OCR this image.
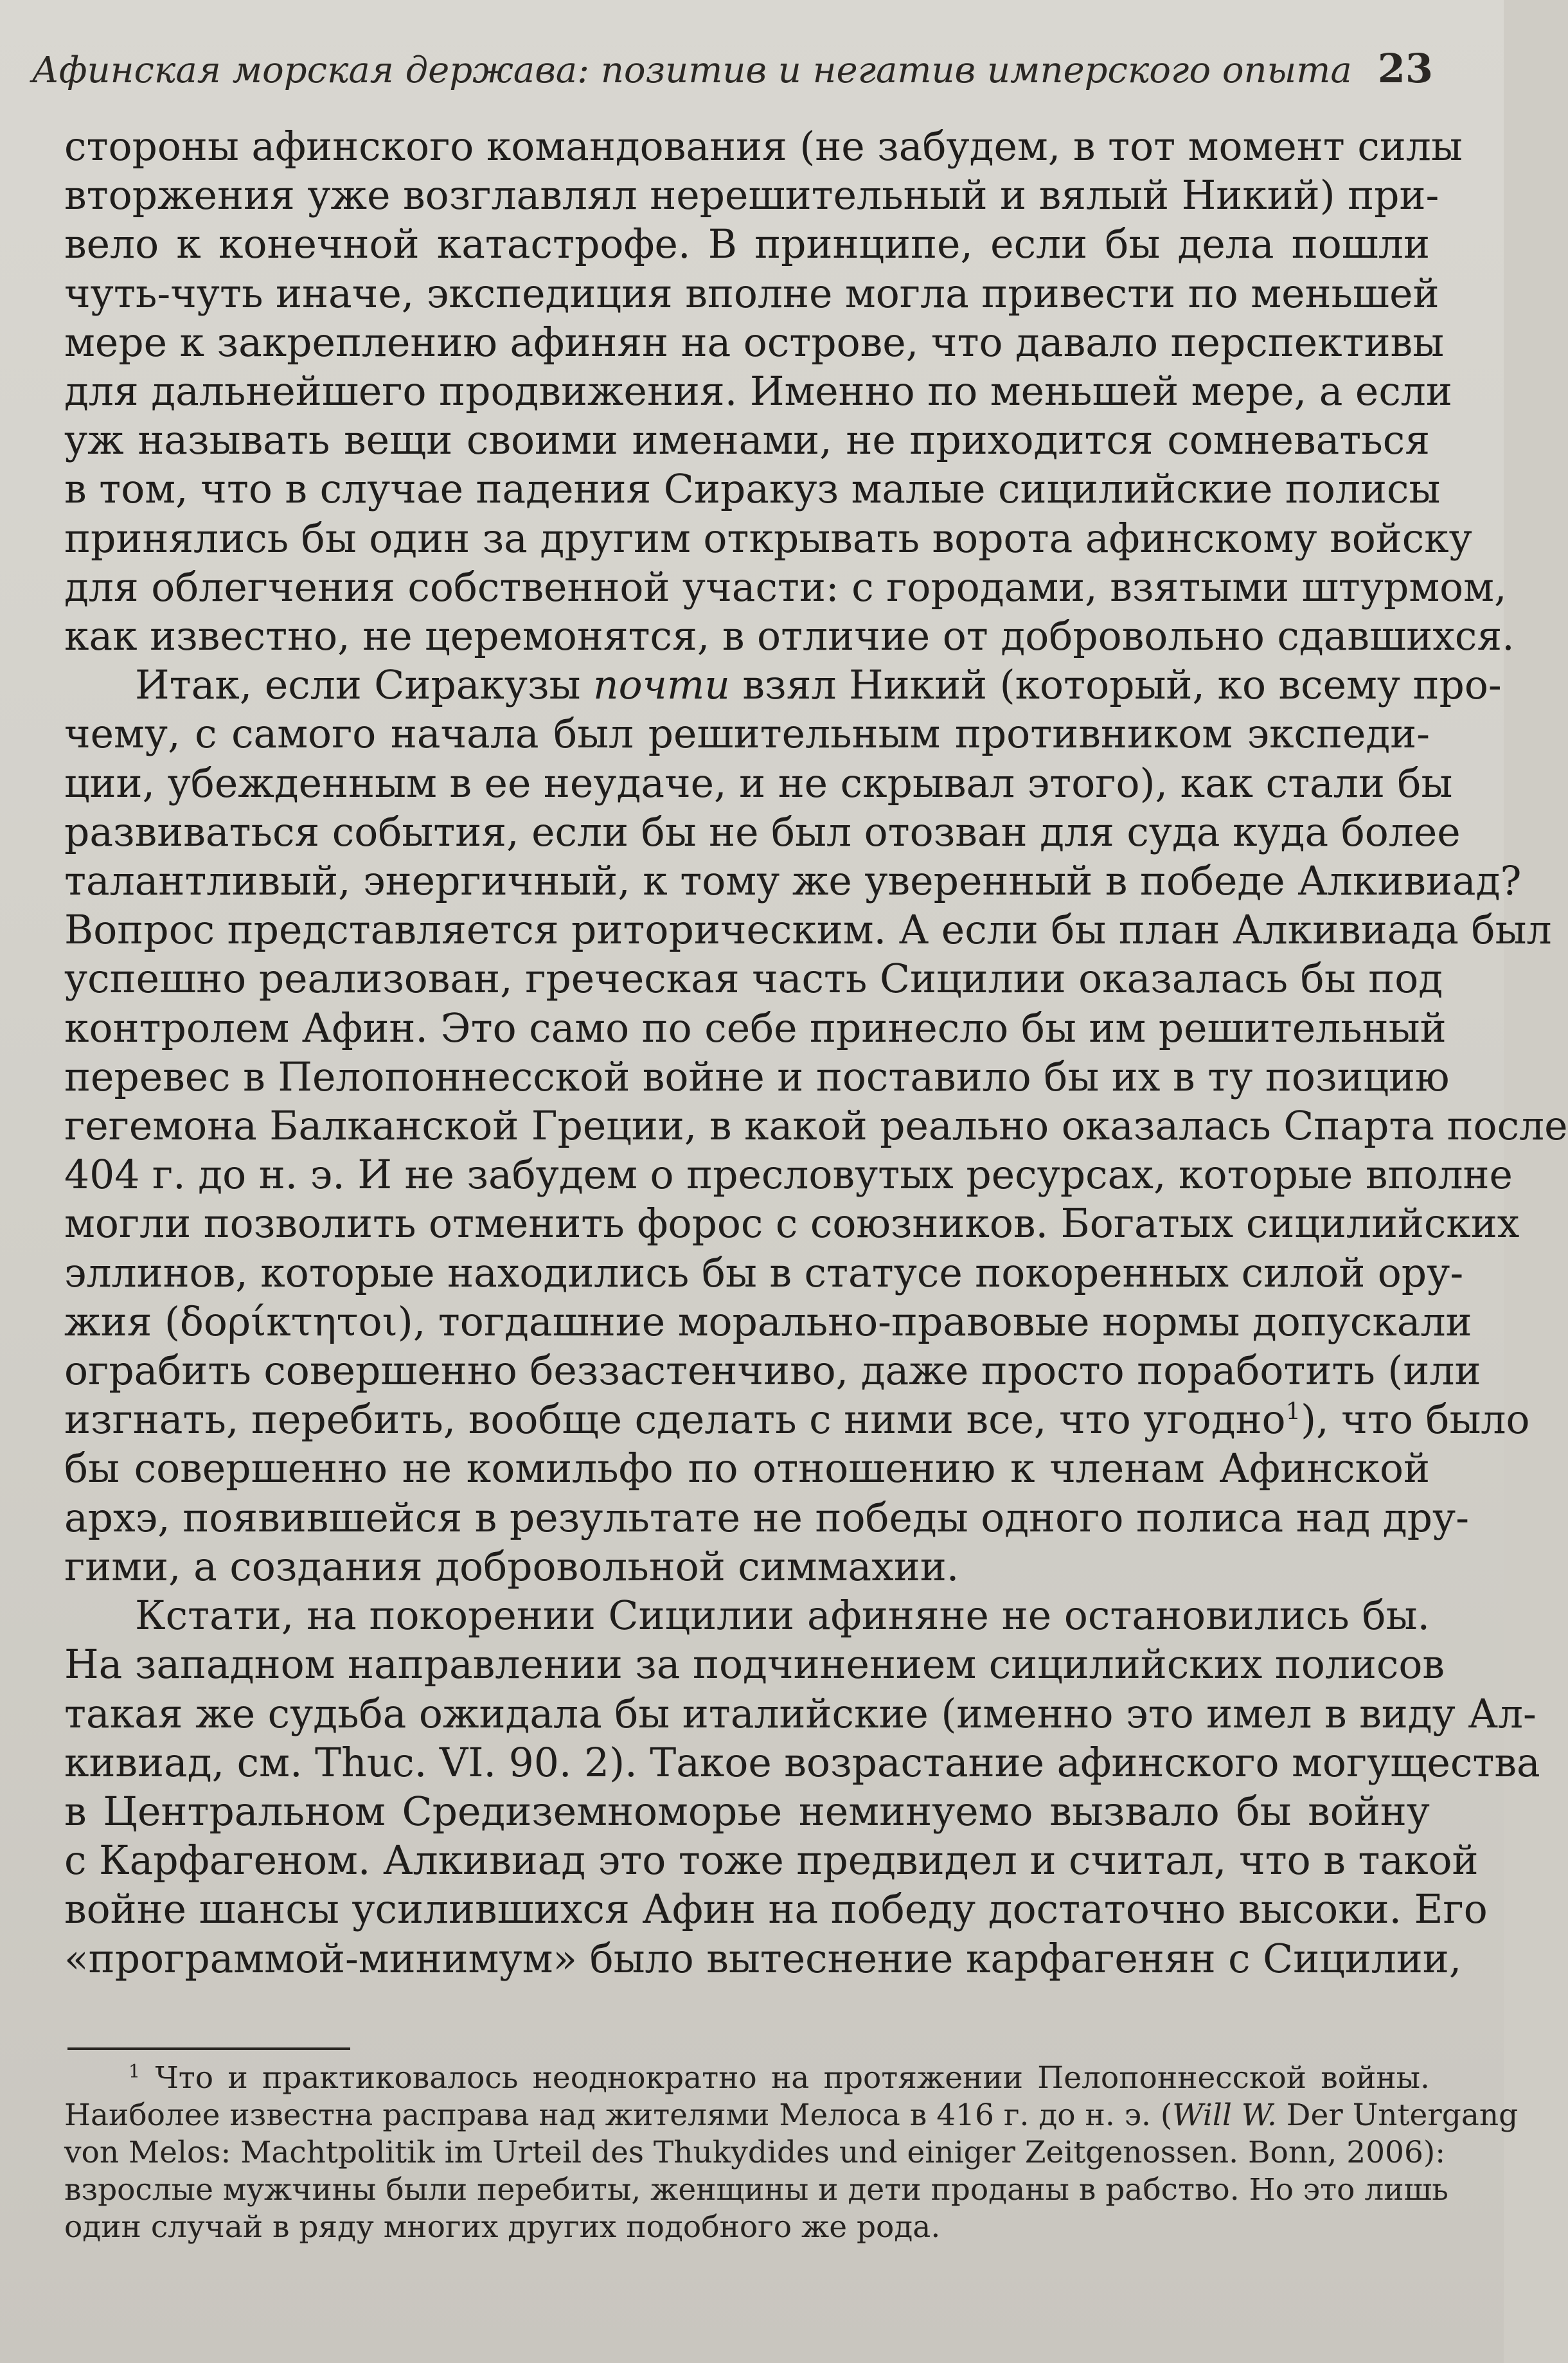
Афинская морская держава: позитив и негатив имперского опыта 23

стороны афинского командования (не забудем, в тот момент силы
вторжения уже возглавлял нерешительный и вялый Никий) при-
вело к конечной катастрофе. В принципе, если бы дела пошли
чуть-чуть иначе, экспедиция вполне могла привести по меньшей
мере к закреплению афинян на острове, что давало перспективы
для дальнейшего продвижения. Именно по меньшей мере, а если
уж называть вещи своими именами, не приходится сомневаться
в том, что в случае падения Сиракуз малые сицилийские полисы
принялись бы один за другим открывать ворота афинскому войску
для облегчения собственной участи: с городами, взятыми штурмом,
как известно, не церемонятся, в отличие от добровольно сдавшихся.

Итак, если Сиракузы почти взял Никий (который, ко всему про-
чему, с самого начала был решительным противником экспеди-
ции, убежденным в ее неудаче, и не скрывал этого), как стали бы
развиваться события, если бы не был отозван для суда куда более
талантливый, энергичный, к тому же уверенный в победе Алкивиад?
Вопрос представляется риторическим. А если бы план Алкивиада был
успешно реализован, греческая часть Сицилии оказалась бы под
контролем Афин. Это само по себе принесло бы им решительный
перевес в Пелопоннесской войне и поставило бы их в ту позицию
гегемона Балканской Греции, в какой реально оказалась Спарта после
404 г. до н. э. И не забудем о пресловутых ресурсах, которые вполне
могли позволить отменить форос с союзников. Богатых сицилийских
эллинов, которые находились бы в статусе покоренных силой ору-
жия (δορίκτητοι), тогдашние морально-правовые нормы допускали
ограбить совершенно беззастенчиво, даже просто поработить (или
изгнать, перебить, вообще сделать с ними все, что угодно$^1$), что было
бы совершенно не комильфо по отношению к членам Афинской
архэ, появившейся в результате не победы одного полиса над дру-
гими, а создания добровольной симмахии.

Кстати, на покорении Сицилии афиняне не остановились бы.
На западном направлении за подчинением сицилийских полисов
такая же судьба ожидала бы италийские (именно это имел в виду Ал-
кивиад, см. Thuc. VI. 90. 2). Такое возрастание афинского могущества
в Центральном Средиземноморье неминуемо вызвало бы войну
с Карфагеном. Алкивиад это тоже предвидел и считал, что в такой
войне шансы усилившихся Афин на победу достаточно высоки. Его
«программой-минимум» было вытеснение карфагенян с Сицилии,

$^1$  Что и практиковалось неоднократно на протяжении Пелопоннесской войны.
Наиболее известна расправа над жителями Мелоса в 416 г. до н. э. (Will W. Der Untergang
von Melos: Machtpolitik im Urteil des Thukydides und einiger Zeitgenossen. Bonn, 2006):
взрослые мужчины были перебиты, женщины и дети проданы в рабство. Но это лишь
один случай в ряду многих других подобного же рода.
